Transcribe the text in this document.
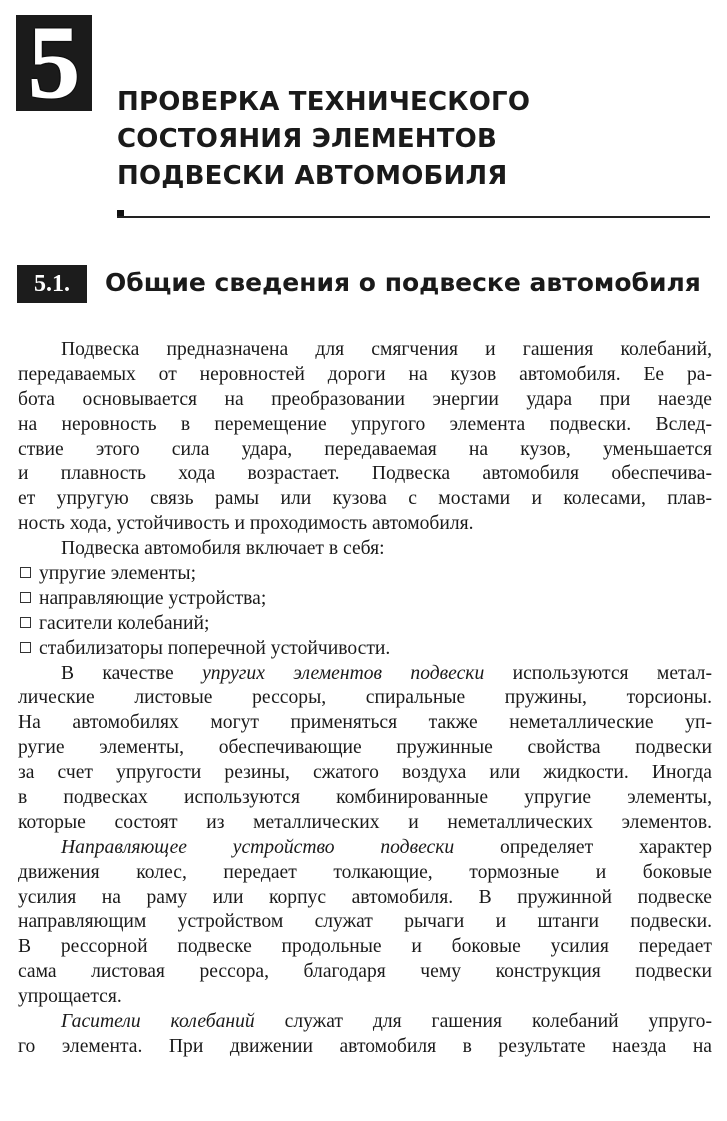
5 ПРОВЕРКА ТЕХНИЧЕСКОГО
СОСТОЯНИЯ ЭЛЕМЕНТОВ
ПОДВЕСКИ АВТОМОБИЛЯ
5.1.	Общие сведения о подвеске автомобиля
Подвеска предназначена для смягчения и гашения колебаний,
передаваемых от неровностей дороги на кузов автомобиля. Ее ра-
бота основывается на преобразовании энергии удара при наезде
на неровность в перемещение упругого элемента подвески. Вслед-
ствие этого сила удара, передаваемая на кузов, уменьшается
и плавность хода возрастает. Подвеска автомобиля обеспечива-
ет упругую связь рамы или кузова с мостами и колесами, плав-
ность хода, устойчивость и проходимость автомобиля.
Подвеска автомобиля включает в себя:
упругие элементы;
направляющие устройства;
гасители колебаний;
стабилизаторы поперечной устойчивости.
В качестве упругих элементов подвески используются метал-
лические листовые рессоры, спиральные пружины, торсионы.
На автомобилях могут применяться также неметаллические уп-
ругие элементы, обеспечивающие пружинные свойства подвески
за счет упругости резины, сжатого воздуха или жидкости. Иногда
в подвесках используются комбинированные упругие элементы,
которые состоят из металлических и неметаллических элементов.
Направляющее устройство подвески определяет характер
движения колес, передает толкающие, тормозные и боковые
усилия на раму или корпус автомобиля. В пружинной подвеске
направляющим устройством служат рычаги и штанги подвески.
В рессорной подвеске продольные и боковые усилия передает
сама листовая рессора, благодаря чему конструкция подвески
упрощается.
Гасители колебаний служат для гашения колебаний упруго-
го элемента. При движении автомобиля в результате наезда на
